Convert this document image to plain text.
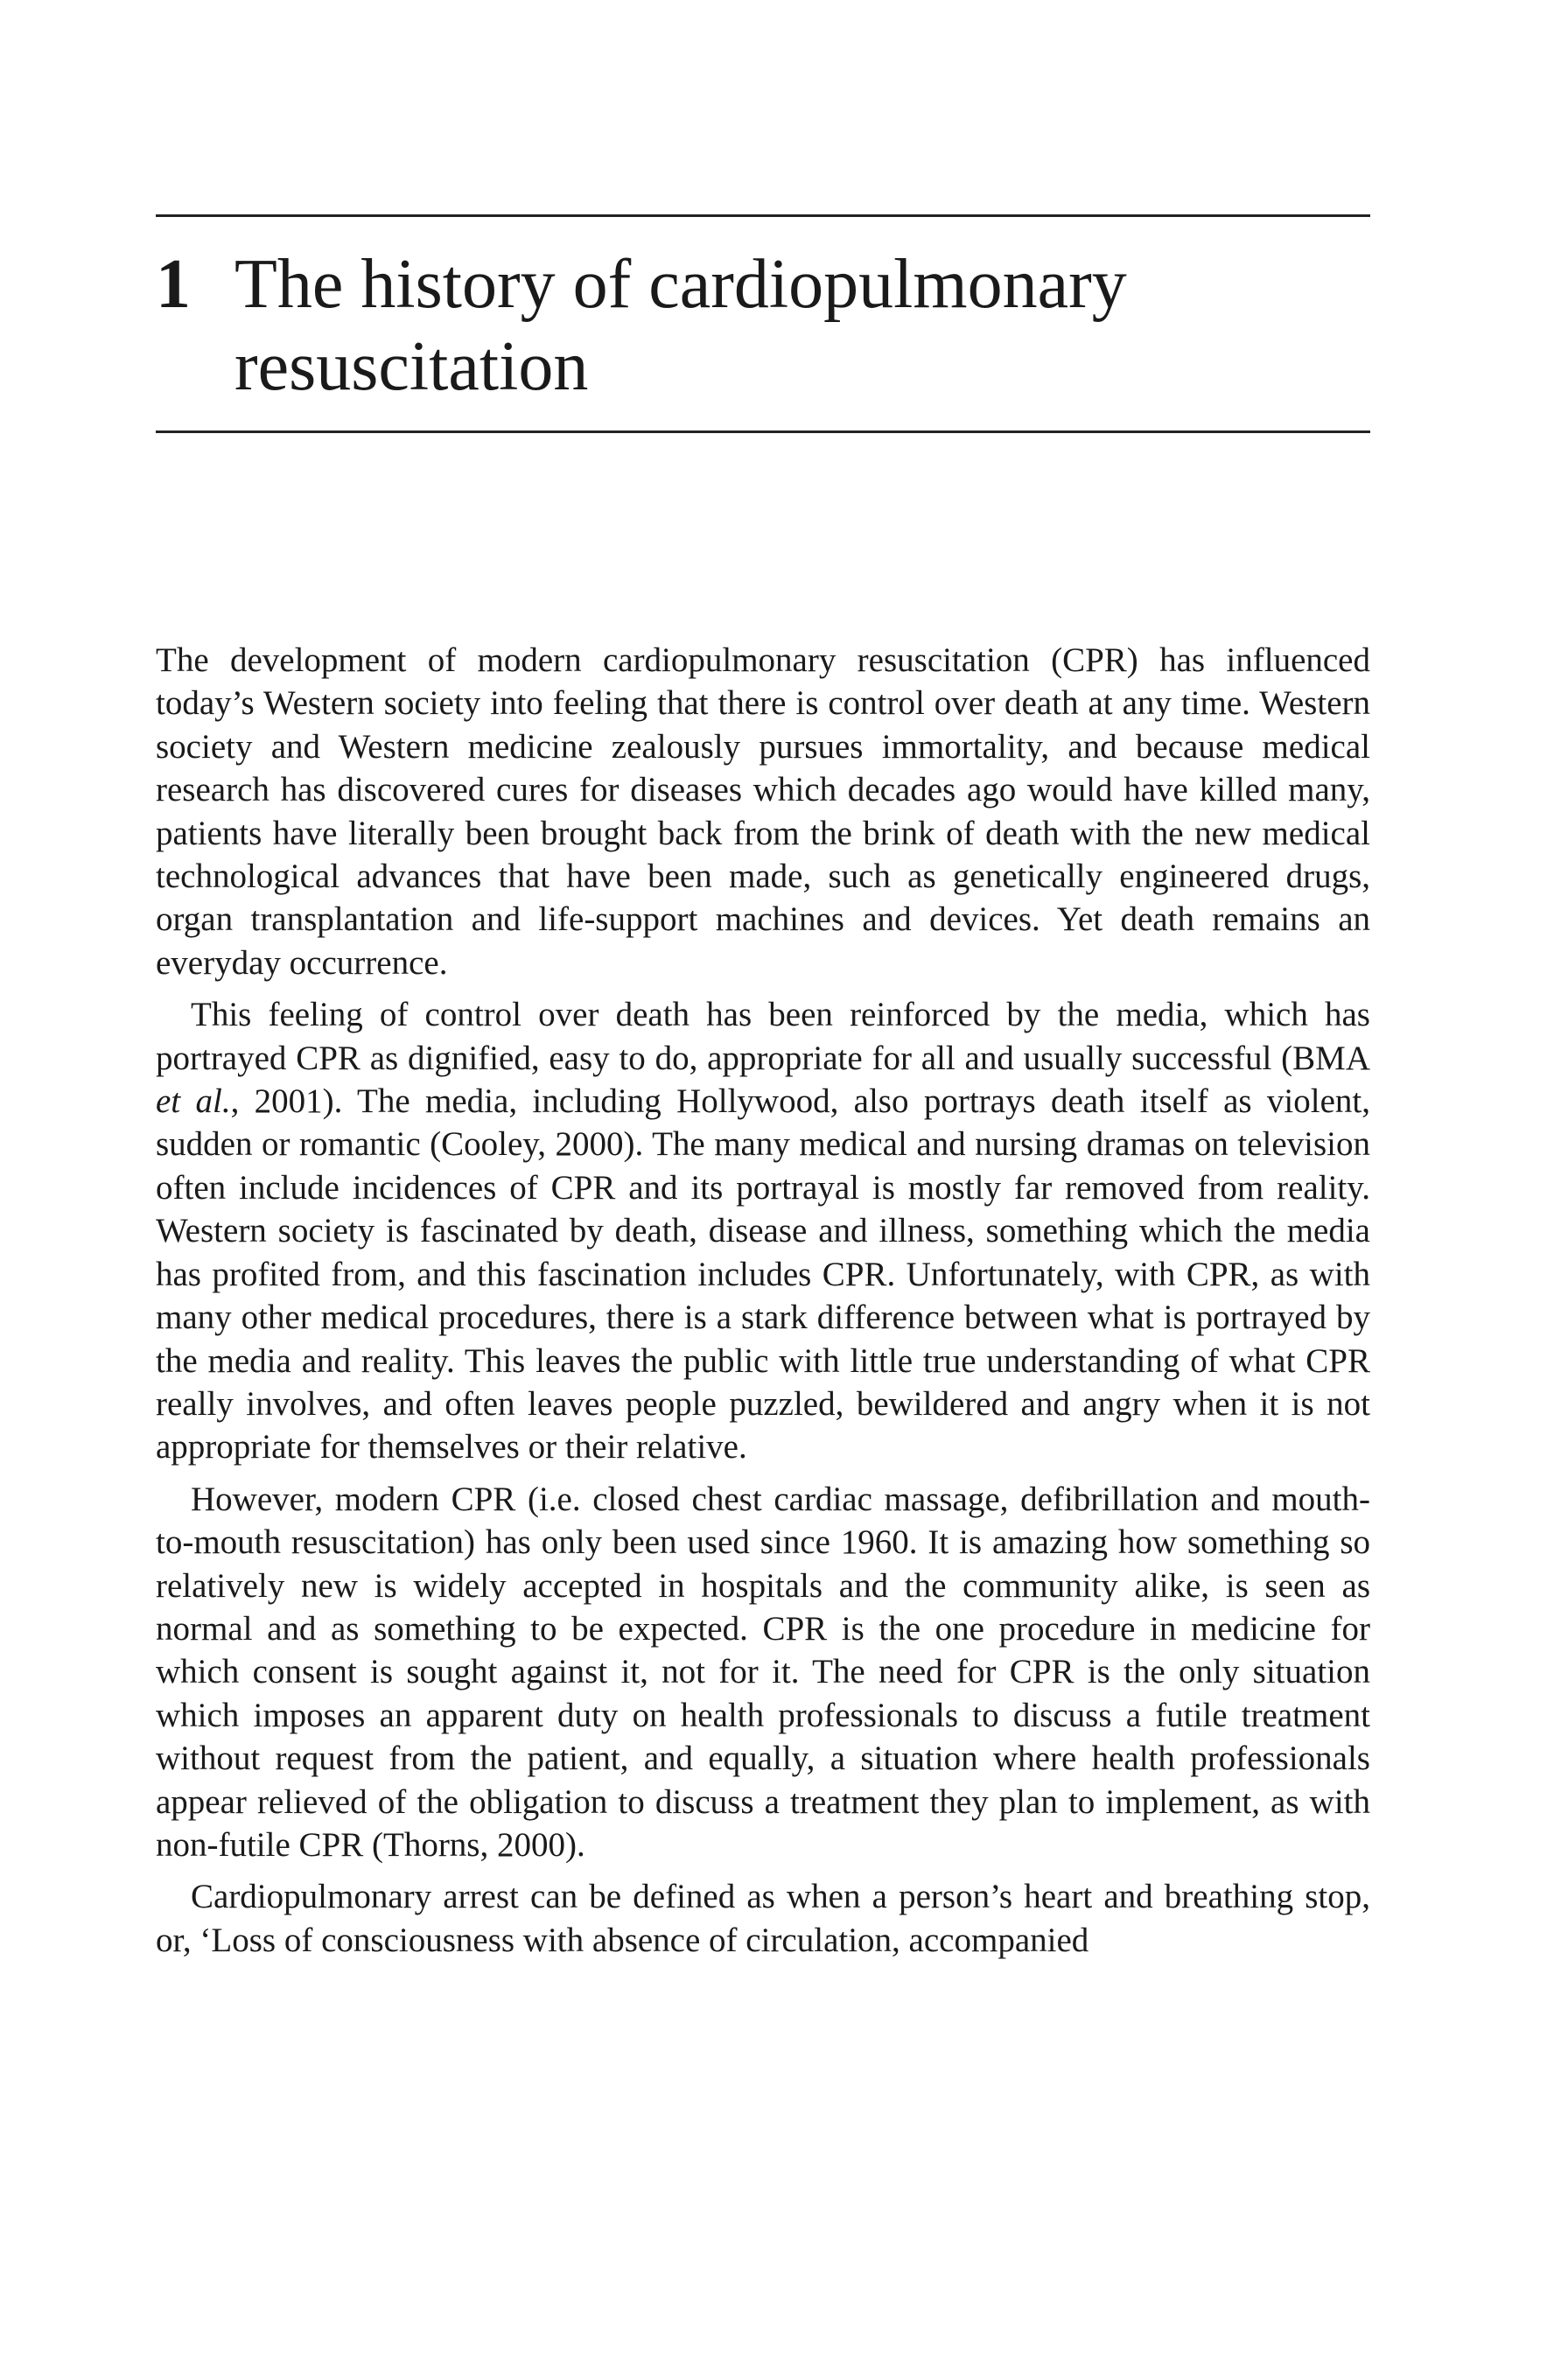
1 The history of cardiopulmonary resuscitation

The development of modern cardiopulmonary resuscitation (CPR) has influenced today’s Western society into feeling that there is control over death at any time. Western society and Western medicine zealously pursues immortality, and because medical research has discovered cures for diseases which decades ago would have killed many, patients have literally been brought back from the brink of death with the new medical technological advances that have been made, such as genetically engineered drugs, organ transplantation and life-support machines and devices. Yet death remains an everyday occurrence.

This feeling of control over death has been reinforced by the media, which has portrayed CPR as dignified, easy to do, appropriate for all and usually successful (BMA et al., 2001). The media, including Hollywood, also portrays death itself as violent, sudden or romantic (Cooley, 2000). The many medical and nursing dramas on television often include incidences of CPR and its portrayal is mostly far removed from reality. Western society is fascinated by death, disease and illness, something which the media has profited from, and this fascination includes CPR. Unfortunately, with CPR, as with many other medical procedures, there is a stark difference between what is portrayed by the media and reality. This leaves the public with little true understanding of what CPR really involves, and often leaves people puzzled, bewildered and angry when it is not appropriate for themselves or their relative.

However, modern CPR (i.e. closed chest cardiac massage, defibrillation and mouth-to-mouth resuscitation) has only been used since 1960. It is amazing how something so relatively new is widely accepted in hospitals and the community alike, is seen as normal and as something to be expected. CPR is the one procedure in medicine for which consent is sought against it, not for it. The need for CPR is the only situation which imposes an apparent duty on health professionals to discuss a futile treatment without request from the patient, and equally, a situation where health professionals appear relieved of the obligation to discuss a treatment they plan to implement, as with non-futile CPR (Thorns, 2000).

Cardiopulmonary arrest can be defined as when a person’s heart and breathing stop, or, ‘Loss of consciousness with absence of circulation, accompanied
